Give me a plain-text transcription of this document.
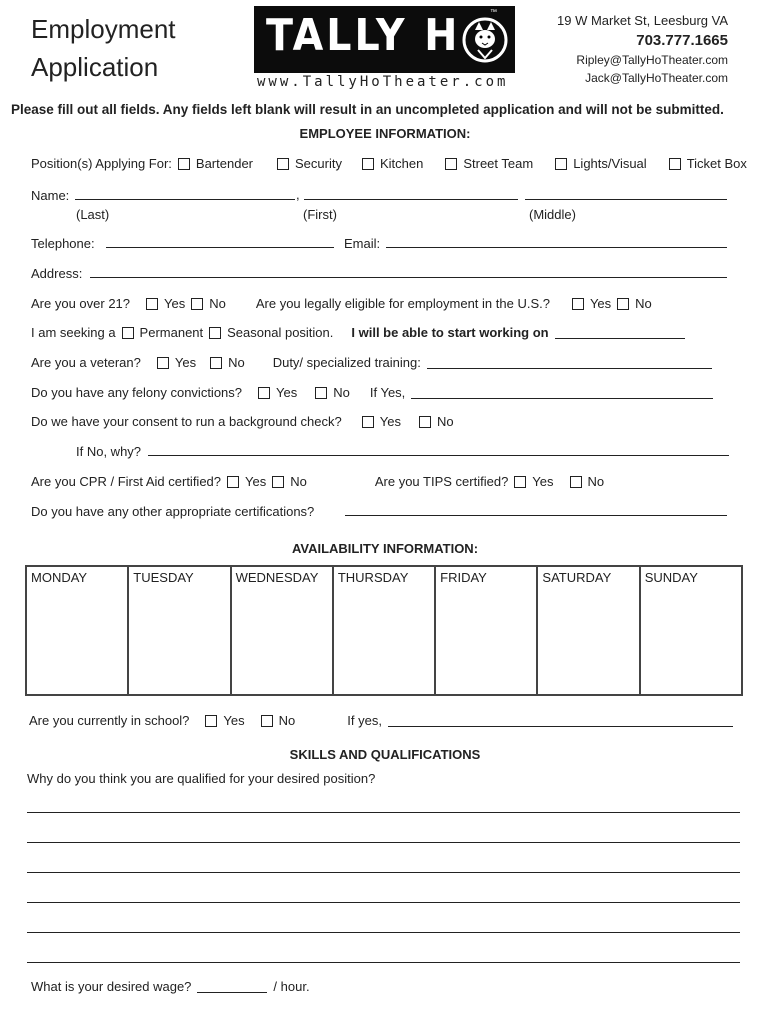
Employment
Application
TALLY H	™
www.TallyHoTheater.com
19 W Market St, Leesburg VA
703.777.1665
Ripley@TallyHoTheater.com
Jack@TallyHoTheater.com
Please fill out all fields. Any fields left blank will result in an uncompleted application and will not be submitted.
EMPLOYEE INFORMATION:
Position(s) Applying For: Bartender	Security	Kitchen	Street Team	Lights/Visual	Ticket Box
Name:	,
(Last)	(First)	(Middle)
Telephone:	Email:
Address:
Are you over 21?	Yes No Are you legally eligible for employment in the U.S.?	Yes No
I am seeking a Permanent Seasonal position. I will be able to start working on
Are you a veteran?	Yes No Duty/ specialized training:
Do you have any felony convictions?	Yes	No If Yes,
Do we have your consent to run a background check?	Yes	No
If No, why?
Are you CPR / First Aid certified? Yes No	Are you TIPS certified? Yes	No
Do you have any other appropriate certifications?
AVAILABILITY INFORMATION:
MONDAY	TUESDAY	WEDNESDAY	THURSDAY	FRIDAY	SATURDAY	SUNDAY
Are you currently in school?	Yes	No	If yes,
SKILLS AND QUALIFICATIONS
Why do you think you are qualified for your desired position?
What is your desired wage?	/ hour.
